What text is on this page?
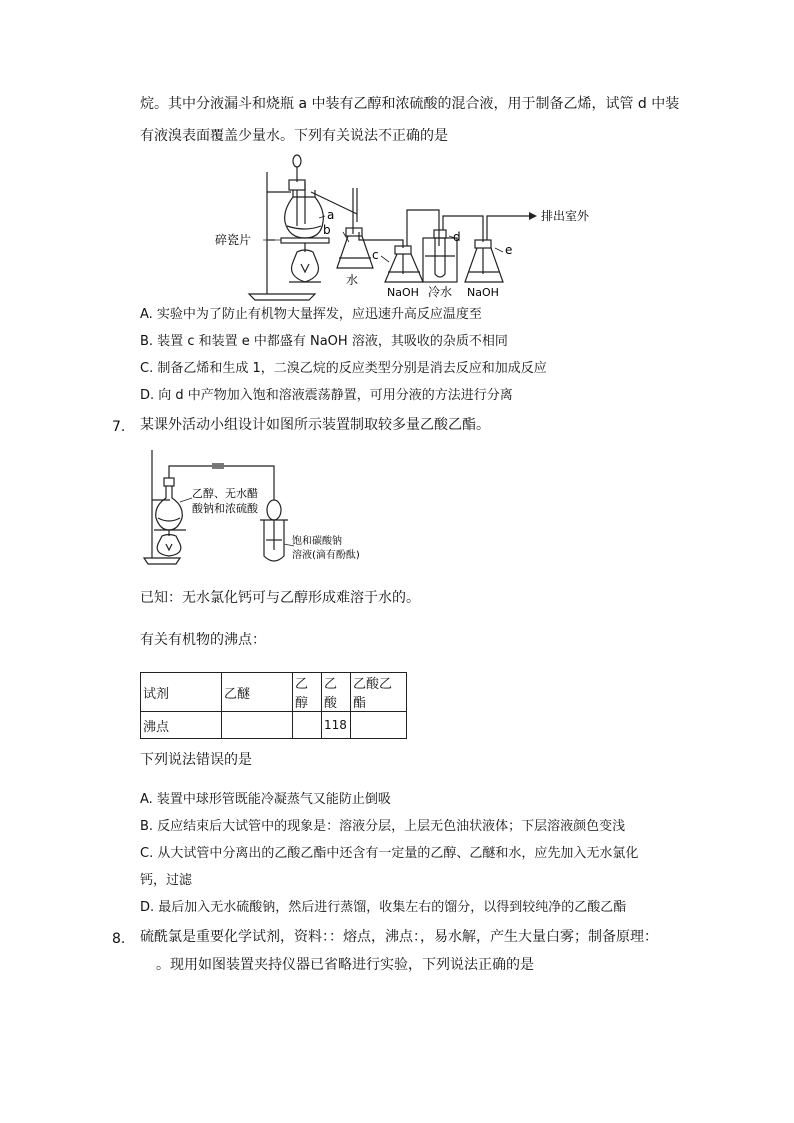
烷。其中分液漏斗和烧瓶 a 中装有乙醇和浓硫酸的混合液，用于制备乙烯，试管 d 中装
有液溴表面覆盖少量水。下列有关说法不正确的是
碎瓷片
a
b
c
d
e
水
NaOH 冷水 NaOH
排出室外
A. 实验中为了防止有机物大量挥发，应迅速升高反应温度至
B. 装置 c 和装置 e 中都盛有 NaOH 溶液，其吸收的杂质不相同
C. 制备乙烯和生成 1，二溴乙烷的反应类型分别是消去反应和加成反应
D. 向 d 中产物加入饱和溶液震荡静置，可用分液的方法进行分离
7. 某课外活动小组设计如图所示装置制取较多量乙酸乙酯。
乙醇、无水醋
酸钠和浓硫酸
饱和碳酸钠
溶液(滴有酚酞)
已知：无水氯化钙可与乙醇形成难溶于水的。
有关有机物的沸点：
试剂	乙醚	乙醇	乙酸	乙酸乙酯
沸点			118	
下列说法错误的是
A. 装置中球形管既能冷凝蒸气又能防止倒吸
B. 反应结束后大试管中的现象是：溶液分层，上层无色油状液体；下层溶液颜色变浅
C. 从大试管中分离出的乙酸乙酯中还含有一定量的乙醇、乙醚和水，应先加入无水氯化
钙，过滤
D. 最后加入无水硫酸钠，然后进行蒸馏，收集左右的馏分，以得到较纯净的乙酸乙酯
8. 硫酰氯是重要化学试剂，资料：：熔点，沸点：，易水解，产生大量白雾；制备原理：
。现用如图装置夹持仪器已省略进行实验，下列说法正确的是
